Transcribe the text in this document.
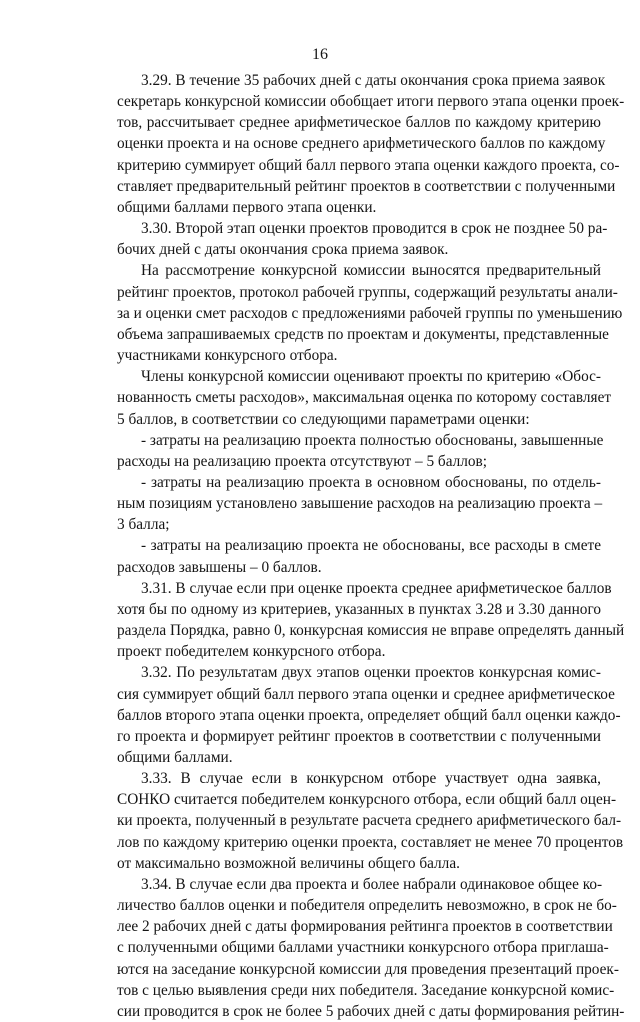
16
3.29. В течение 35 рабочих дней с даты окончания срока приема заявок
секретарь конкурсной комиссии обобщает итоги первого этапа оценки проек-
тов, рассчитывает среднее арифметическое баллов по каждому критерию
оценки проекта и на основе среднего арифметического баллов по каждому
критерию суммирует общий балл первого этапа оценки каждого проекта, со-
ставляет предварительный рейтинг проектов в соответствии с полученными
общими баллами первого этапа оценки.
3.30. Второй этап оценки проектов проводится в срок не позднее 50 ра-
бочих дней с даты окончания срока приема заявок.
На рассмотрение конкурсной комиссии выносятся предварительный
рейтинг проектов, протокол рабочей группы, содержащий результаты анали-
за и оценки смет расходов с предложениями рабочей группы по уменьшению
объема запрашиваемых средств по проектам и документы, представленные
участниками конкурсного отбора.
Члены конкурсной комиссии оценивают проекты по критерию «Обос-
нованность сметы расходов», максимальная оценка по которому составляет
5 баллов, в соответствии со следующими параметрами оценки:
- затраты на реализацию проекта полностью обоснованы, завышенные
расходы на реализацию проекта отсутствуют – 5 баллов;
- затраты на реализацию проекта в основном обоснованы, по отдель-
ным позициям установлено завышение расходов на реализацию проекта –
3 балла;
- затраты на реализацию проекта не обоснованы, все расходы в смете
расходов завышены – 0 баллов.
3.31. В случае если при оценке проекта среднее арифметическое баллов
хотя бы по одному из критериев, указанных в пунктах 3.28 и 3.30 данного
раздела Порядка, равно 0, конкурсная комиссия не вправе определять данный
проект победителем конкурсного отбора.
3.32. По результатам двух этапов оценки проектов конкурсная комис-
сия суммирует общий балл первого этапа оценки и среднее арифметическое
баллов второго этапа оценки проекта, определяет общий балл оценки каждо-
го проекта и формирует рейтинг проектов в соответствии с полученными
общими баллами.
3.33. В случае если в конкурсном отборе участвует одна заявка,
СОНКО считается победителем конкурсного отбора, если общий балл оцен-
ки проекта, полученный в результате расчета среднего арифметического бал-
лов по каждому критерию оценки проекта, составляет не менее 70 процентов
от максимально возможной величины общего балла.
3.34. В случае если два проекта и более набрали одинаковое общее ко-
личество баллов оценки и победителя определить невозможно, в срок не бо-
лее 2 рабочих дней с даты формирования рейтинга проектов в соответствии
с полученными общими баллами участники конкурсного отбора приглаша-
ются на заседание конкурсной комиссии для проведения презентаций проек-
тов с целью выявления среди них победителя. Заседание конкурсной комис-
сии проводится в срок не более 5 рабочих дней с даты формирования рейтин-
